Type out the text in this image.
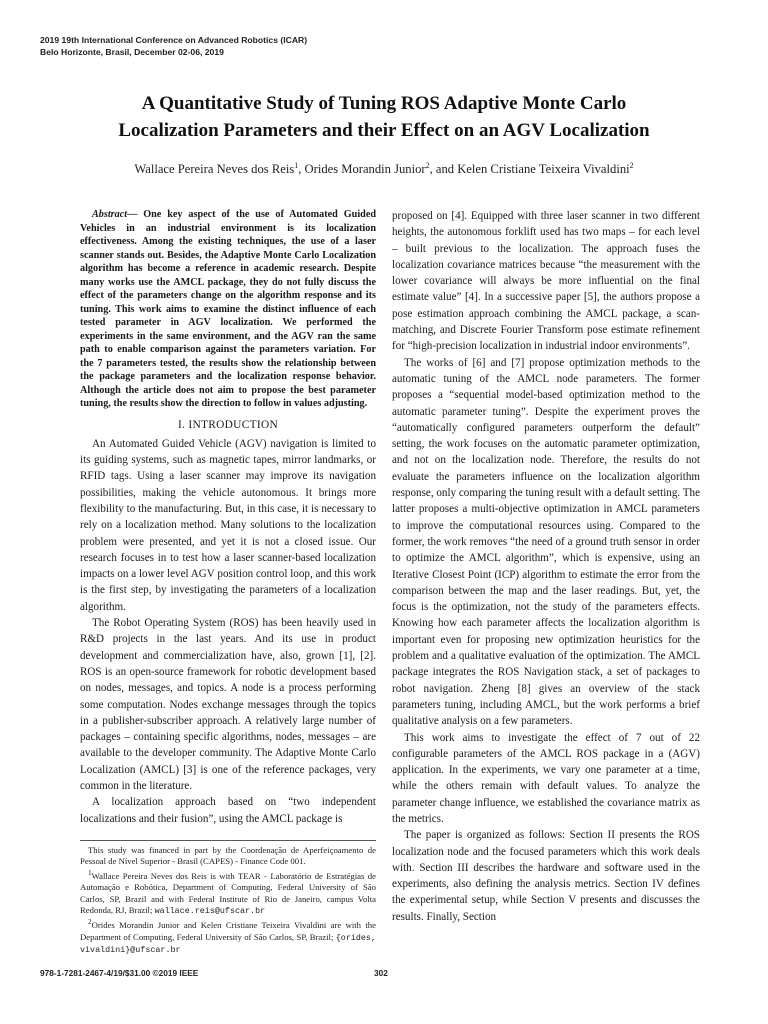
2019 19th International Conference on Advanced Robotics (ICAR)
Belo Horizonte, Brasil, December 02-06, 2019
A Quantitative Study of Tuning ROS Adaptive Monte Carlo
Localization Parameters and their Effect on an AGV Localization
Wallace Pereira Neves dos Reis$^1$, Orides Morandin Junior$^2$, and Kelen Cristiane Teixeira Vivaldini$^2$

Abstract— One key aspect of the use of Automated Guided Vehicles in an industrial environment is its localization effectiveness. Among the existing techniques, the use of a laser scanner stands out. Besides, the Adaptive Monte Carlo Localization algorithm has become a reference in academic research. Despite many works use the AMCL package, they do not fully discuss the effect of the parameters change on the algorithm response and its tuning. This work aims to examine the distinct influence of each tested parameter in AGV localization. We performed the experiments in the same environment, and the AGV ran the same path to enable comparison against the parameters variation. For the 7 parameters tested, the results show the relationship between the package parameters and the localization response behavior. Although the article does not aim to propose the best parameter tuning, the results show the direction to follow in values adjusting.

I. INTRODUCTION

An Automated Guided Vehicle (AGV) navigation is limited to its guiding systems, such as magnetic tapes, mirror landmarks, or RFID tags. Using a laser scanner may improve its navigation possibilities, making the vehicle autonomous. It brings more flexibility to the manufacturing. But, in this case, it is necessary to rely on a localization method. Many solutions to the localization problem were presented, and yet it is not a closed issue. Our research focuses in to test how a laser scanner-based localization impacts on a lower level AGV position control loop, and this work is the first step, by investigating the parameters of a localization algorithm.

The Robot Operating System (ROS) has been heavily used in R&D projects in the last years. And its use in product development and commercialization have, also, grown [1], [2]. ROS is an open-source framework for robotic development based on nodes, messages, and topics. A node is a process performing some computation. Nodes exchange messages through the topics in a publisher-subscriber approach. A relatively large number of packages – containing specific algorithms, nodes, messages – are available to the developer community. The Adaptive Monte Carlo Localization (AMCL) [3] is one of the reference packages, very common in the literature.

A localization approach based on “two independent localizations and their fusion”, using the AMCL package is

proposed on [4]. Equipped with three laser scanner in two different heights, the autonomous forklift used has two maps – for each level – built previous to the localization. The approach fuses the localization covariance matrices because “the measurement with the lower covariance will always be more influential on the final estimate value” [4]. In a successive paper [5], the authors propose a pose estimation approach combining the AMCL package, a scan-matching, and Discrete Fourier Transform pose estimate refinement for “high-precision localization in industrial indoor environments”.

The works of [6] and [7] propose optimization methods to the automatic tuning of the AMCL node parameters. The former proposes a “sequential model-based optimization method to the automatic parameter tuning”. Despite the experiment proves the “automatically configured parameters outperform the default” setting, the work focuses on the automatic parameter optimization, and not on the localization node. Therefore, the results do not evaluate the parameters influence on the localization algorithm response, only comparing the tuning result with a default setting. The latter proposes a multi-objective optimization in AMCL parameters to improve the computational resources using. Compared to the former, the work removes “the need of a ground truth sensor in order to optimize the AMCL algorithm”, which is expensive, using an Iterative Closest Point (ICP) algorithm to estimate the error from the comparison between the map and the laser readings. But, yet, the focus is the optimization, not the study of the parameters effects. Knowing how each parameter affects the localization algorithm is important even for proposing new optimization heuristics for the problem and a qualitative evaluation of the optimization. The AMCL package integrates the ROS Navigation stack, a set of packages to robot navigation. Zheng [8] gives an overview of the stack parameters tuning, including AMCL, but the work performs a brief qualitative analysis on a few parameters.

This work aims to investigate the effect of 7 out of 22 configurable parameters of the AMCL ROS package in a (AGV) application. In the experiments, we vary one parameter at a time, while the others remain with default values. To analyze the parameter change influence, we established the covariance matrix as the metrics.

The paper is organized as follows: Section II presents the ROS localization node and the focused parameters which this work deals with. Section III describes the hardware and software used in the experiments, also defining the analysis metrics. Section IV defines the experimental setup, while Section V presents and discusses the results. Finally, Section

This study was financed in part by the Coordenação de Aperfeiçoamento de Pessoal de Nível Superior - Brasil (CAPES) - Finance Code 001.

$^1$Wallace Pereira Neves dos Reis is with TEAR - Laboratório de Estratégias de Automação e Robótica, Department of Computing, Federal University of São Carlos, SP, Brazil and with Federal Institute of Rio de Janeiro, campus Volta Redonda, RJ, Brazil; wallace.reis@ufscar.br

$^2$Orides Morandin Junior and Kelen Cristiane Teixeira Vivaldini are with the Department of Computing, Federal University of São Carlos, SP, Brazil; {orides, vivaldini}@ufscar.br

978-1-7281-2467-4/19/$31.00 ©2019 IEEE	302
